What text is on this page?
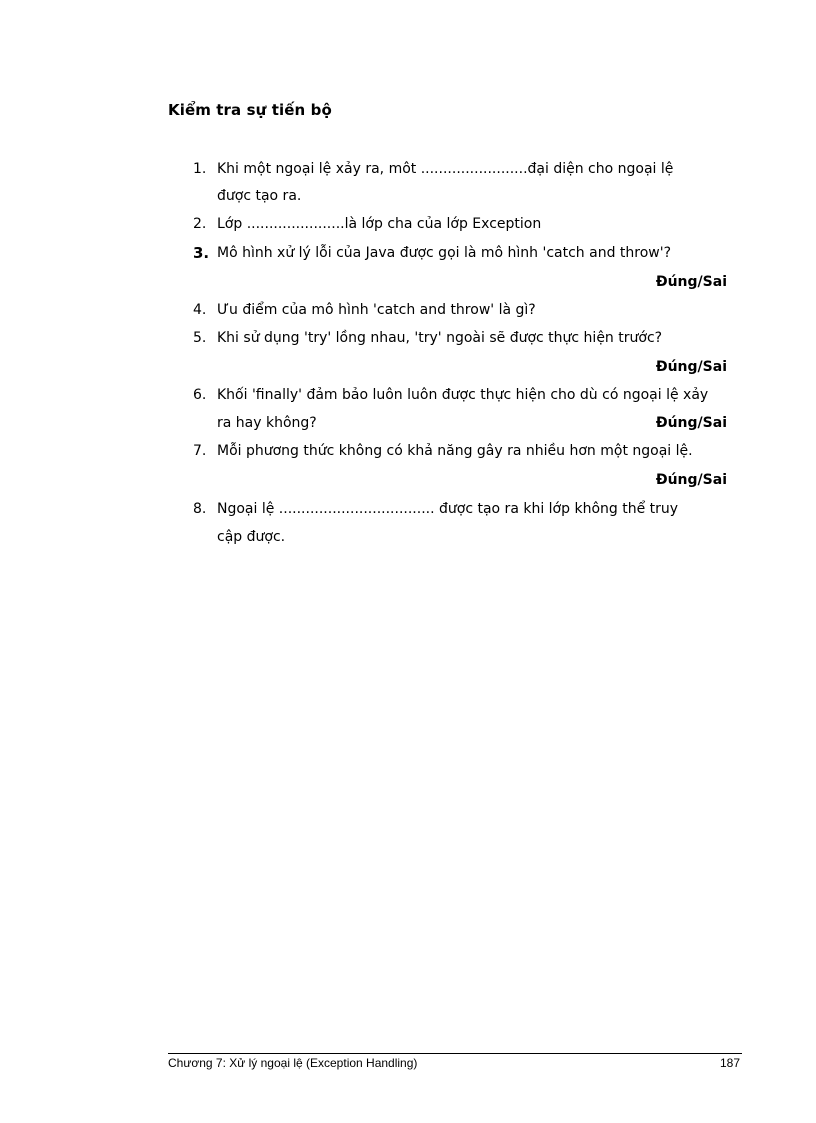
Kiểm tra sự tiến bộ
1. Khi một ngoại lệ xảy ra, môt ........................đại diện cho ngoại lệ
được tạo ra.
2. Lớp ......................là lớp cha của lớp Exception
3. Mô hình xử lý lỗi của Java được gọi là mô hình 'catch and throw'?
Đúng/Sai
4. Ưu điểm của mô hình 'catch and throw' là gì?
5. Khi sử dụng 'try' lồng nhau, 'try' ngoài sẽ được thực hiện trước?
Đúng/Sai
6. Khối 'finally' đảm bảo luôn luôn được thực hiện cho dù có ngoại lệ xảy
ra hay không?	Đúng/Sai
7. Mỗi phương thức không có khả năng gây ra nhiều hơn một ngoại lệ.
Đúng/Sai
8. Ngoại lệ ................................... được tạo ra khi lớp không thể truy
cập được.
Chương 7: Xử lý ngoại lệ (Exception Handling)	187
